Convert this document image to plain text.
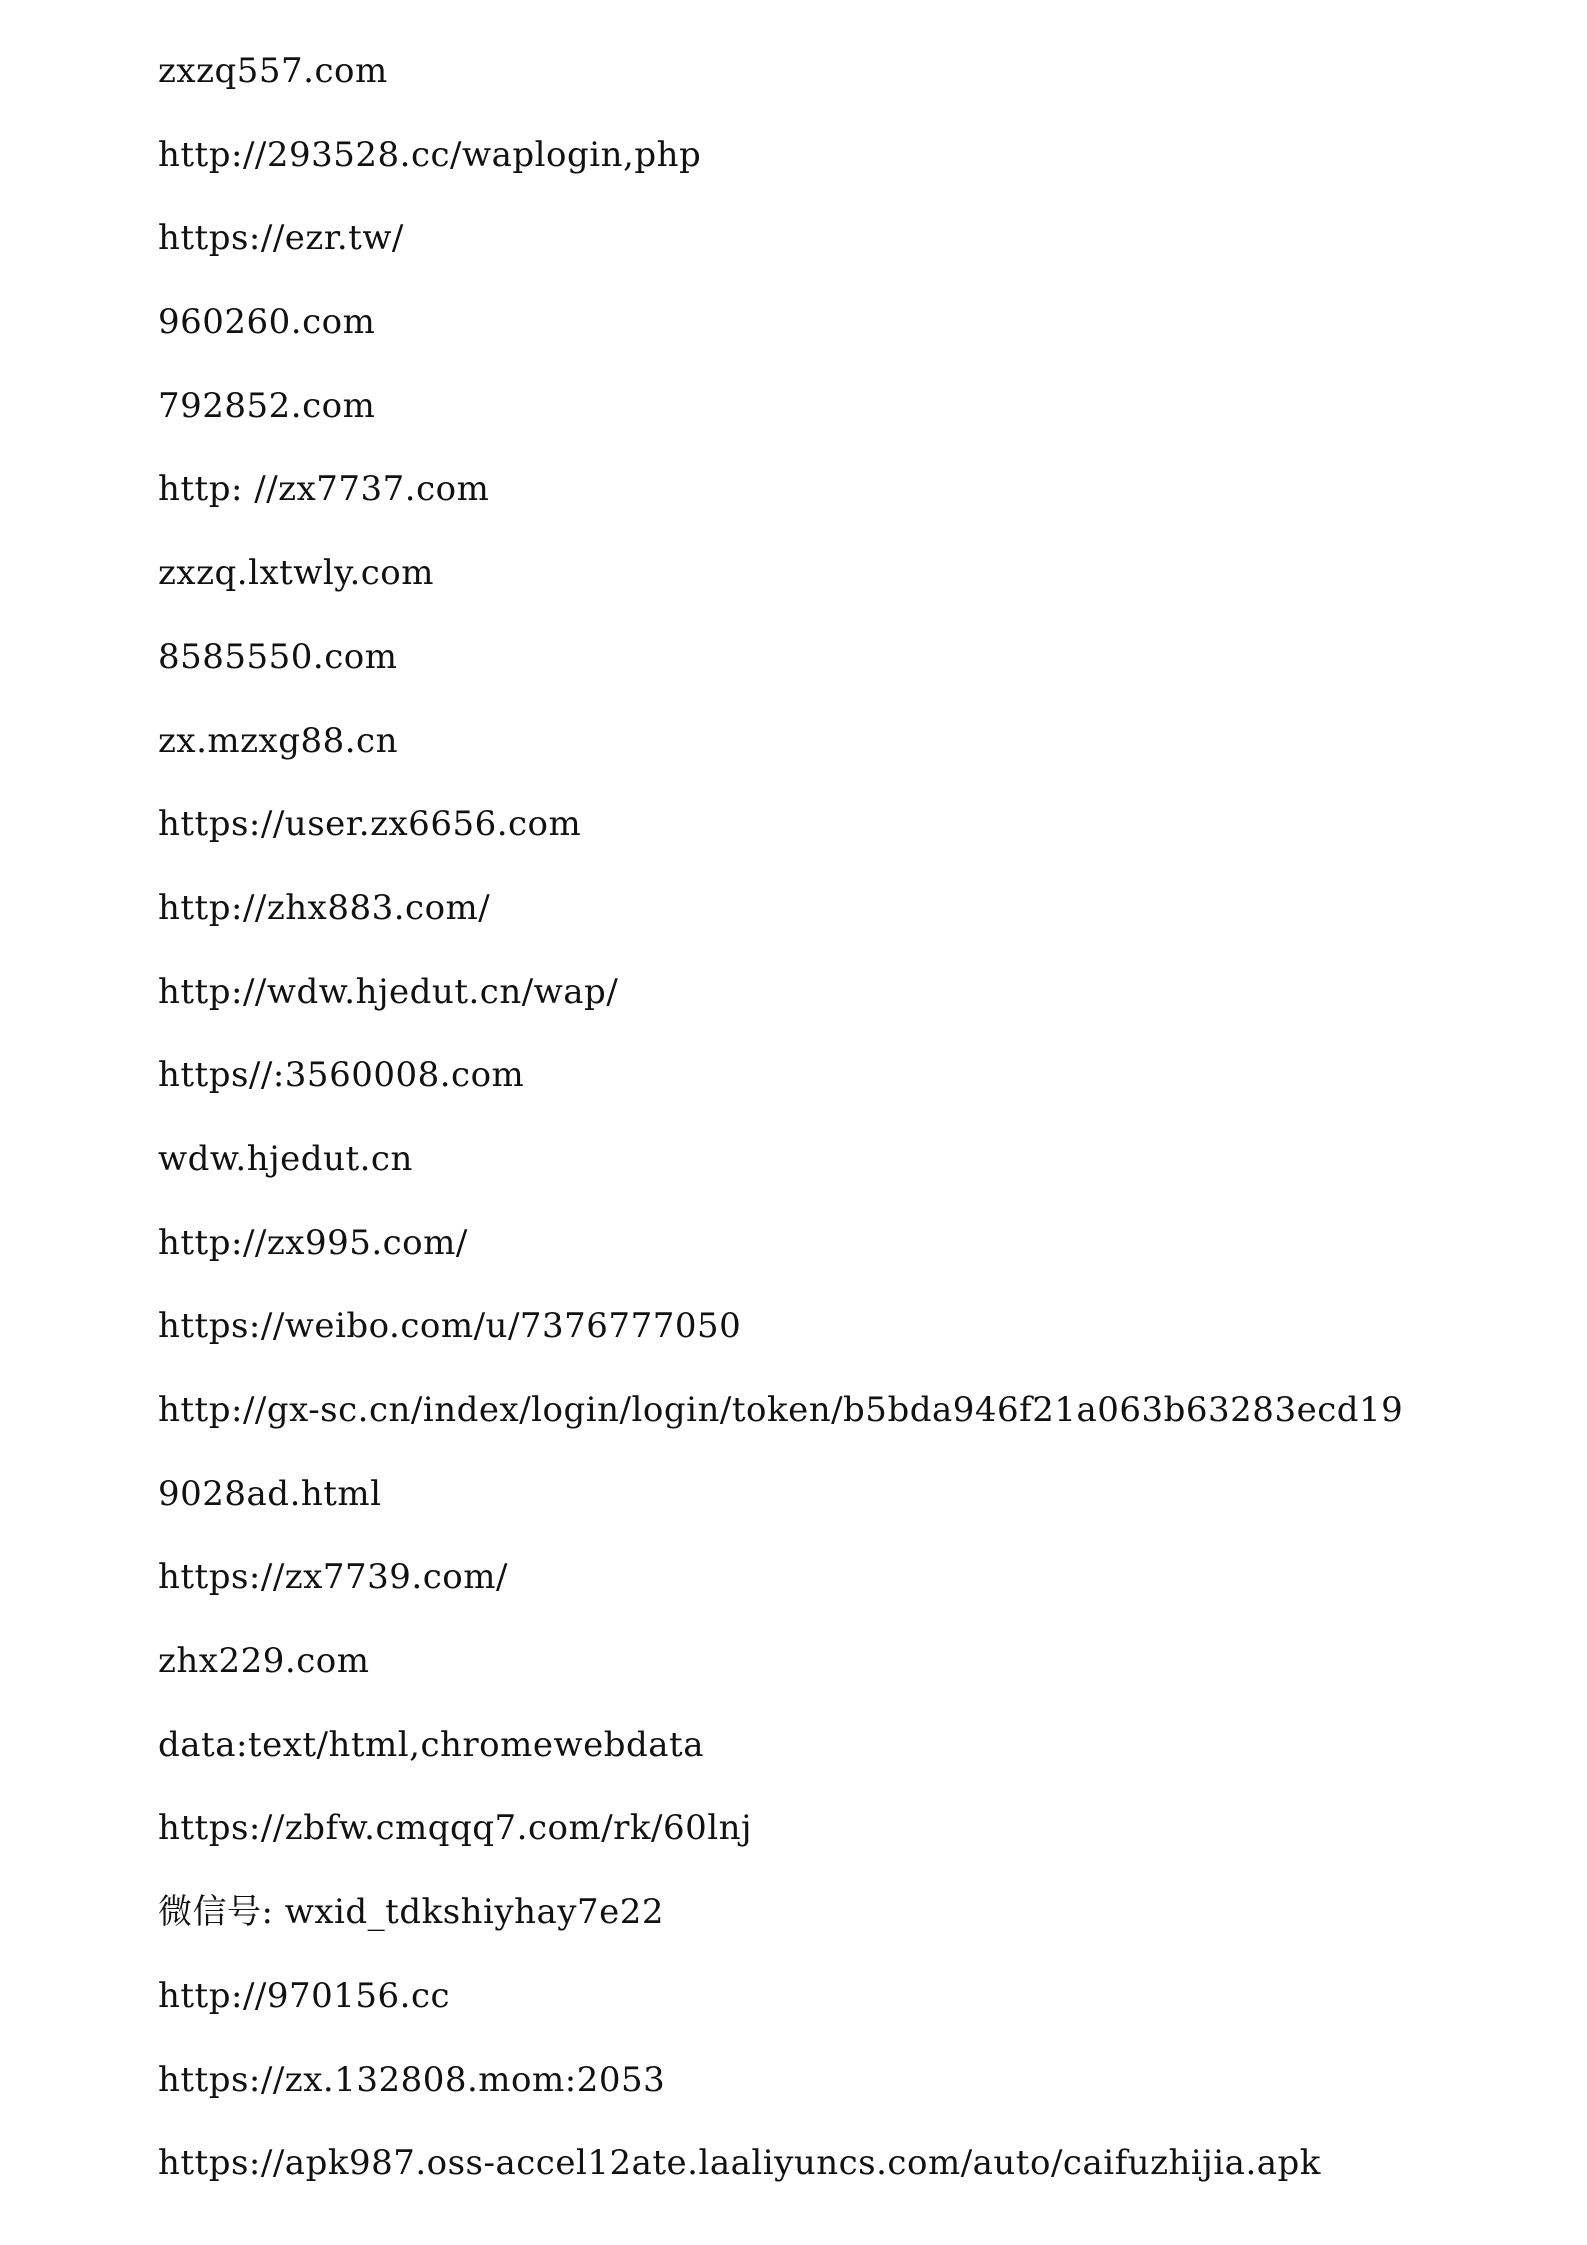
zxzq557.com
http://293528.cc/waplogin,php
https://ezr.tw/
960260.com
792852.com
http: //zx7737.com
zxzq.lxtwly.com
8585550.com
zx.mzxg88.cn
https://user.zx6656.com
http://zhx883.com/
http://wdw.hjedut.cn/wap/
https//:3560008.com
wdw.hjedut.cn
http://zx995.com/
https://weibo.com/u/7376777050
http://gx-sc.cn/index/login/login/token/b5bda946f21a063b63283ecd19
9028ad.html
https://zx7739.com/
zhx229.com
data:text/html,chromewebdata
https://zbfw.cmqqq7.com/rk/60lnj
微信号: wxid_tdkshiyhay7e22
http://970156.cc
https://zx.132808.mom:2053
https://apk987.oss-accel12ate.laaliyuncs.com/auto/caifuzhijia.apk
